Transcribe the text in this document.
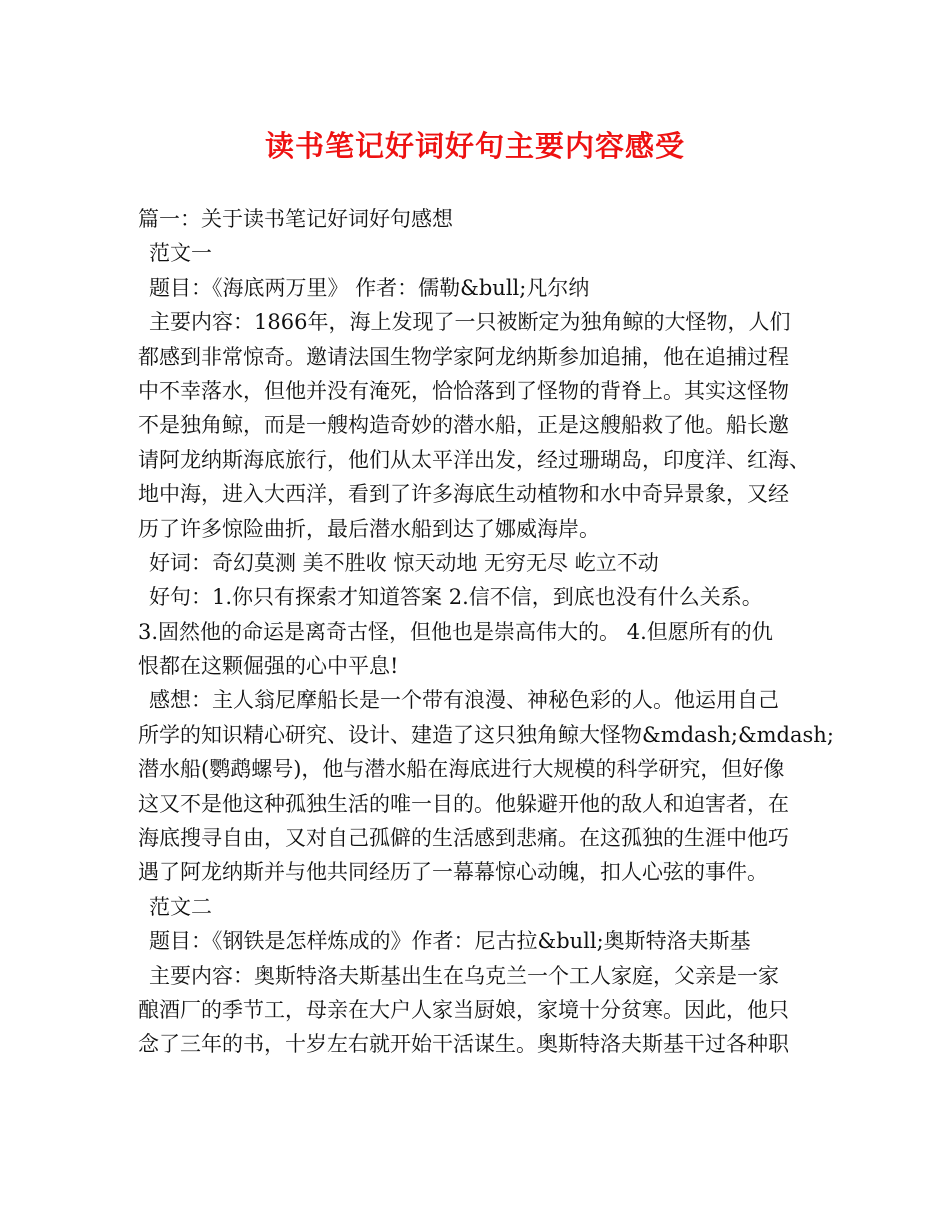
读书笔记好词好句主要内容感受
篇一：关于读书笔记好词好句感想
范文一
题目：《海底两万里》 作者：儒勒&bull;凡尔纳
主要内容：1866年，海上发现了一只被断定为独角鲸的大怪物，人们
都感到非常惊奇。邀请法国生物学家阿龙纳斯参加追捕，他在追捕过程
中不幸落水，但他并没有淹死，恰恰落到了怪物的背脊上。其实这怪物
不是独角鲸，而是一艘构造奇妙的潜水船，正是这艘船救了他。船长邀
请阿龙纳斯海底旅行，他们从太平洋出发，经过珊瑚岛，印度洋、红海、
地中海，进入大西洋，看到了许多海底生动植物和水中奇异景象，又经
历了许多惊险曲折，最后潜水船到达了娜威海岸。
好词：奇幻莫测 美不胜收 惊天动地 无穷无尽 屹立不动
好句：1.你只有探索才知道答案 2.信不信，到底也没有什么关系。
3.固然他的命运是离奇古怪，但他也是崇高伟大的。 4.但愿所有的仇
恨都在这颗倔强的心中平息!
感想：主人翁尼摩船长是一个带有浪漫、神秘色彩的人。他运用自己
所学的知识精心研究、设计、建造了这只独角鲸大怪物&mdash;&mdash;
潜水船(鹦鹉螺号)，他与潜水船在海底进行大规模的科学研究，但好像
这又不是他这种孤独生活的唯一目的。他躲避开他的敌人和迫害者，在
海底搜寻自由，又对自己孤僻的生活感到悲痛。在这孤独的生涯中他巧
遇了阿龙纳斯并与他共同经历了一幕幕惊心动魄，扣人心弦的事件。
范文二
题目：《钢铁是怎样炼成的》作者：尼古拉&bull;奥斯特洛夫斯基
主要内容：奥斯特洛夫斯基出生在乌克兰一个工人家庭，父亲是一家
酿酒厂的季节工，母亲在大户人家当厨娘，家境十分贫寒。因此，他只
念了三年的书，十岁左右就开始干活谋生。奥斯特洛夫斯基干过各种职
